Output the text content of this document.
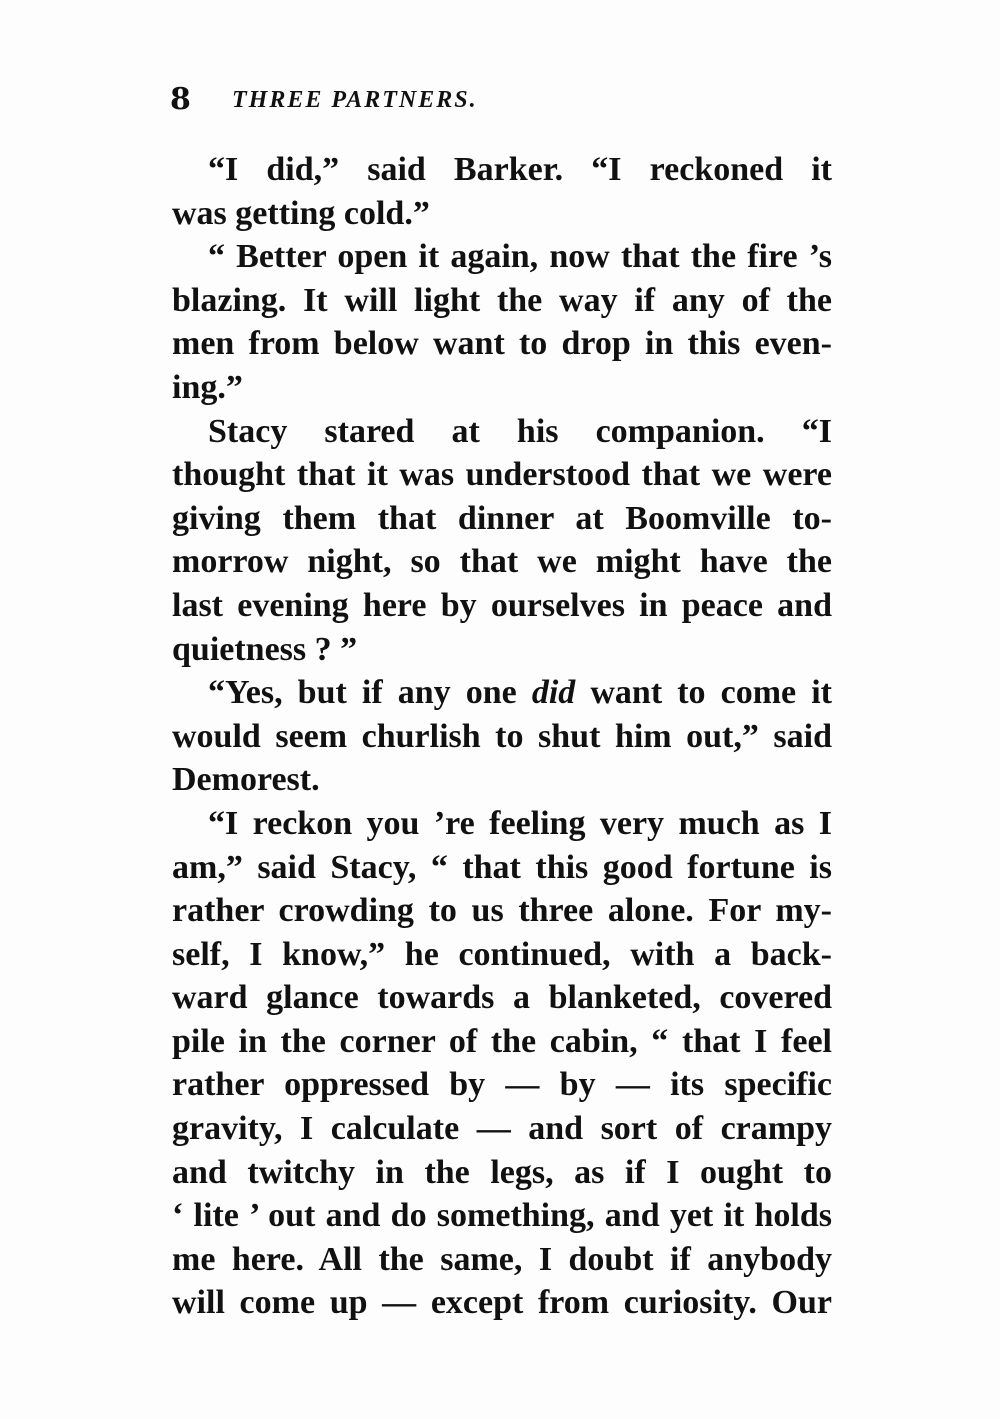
8 THREE PARTNERS.
“I did,” said Barker. “I reckoned it
was getting cold.”
“ Better open it again, now that the fire ’s
blazing. It will light the way if any of the
men from below want to drop in this even-
ing.”
Stacy stared at his companion. “I
thought that it was understood that we were
giving them that dinner at Boomville to-
morrow night, so that we might have the
last evening here by ourselves in peace and
quietness ? ”
“Yes, but if any one did want to come it
would seem churlish to shut him out,” said
Demorest.
“I reckon you ’re feeling very much as I
am,” said Stacy, “ that this good fortune is
rather crowding to us three alone. For my-
self, I know,” he continued, with a back-
ward glance towards a blanketed, covered
pile in the corner of the cabin, “ that I feel
rather oppressed by — by — its specific
gravity, I calculate — and sort of crampy
and twitchy in the legs, as if I ought to
‘ lite ’ out and do something, and yet it holds
me here. All the same, I doubt if anybody
will come up — except from curiosity. Our
